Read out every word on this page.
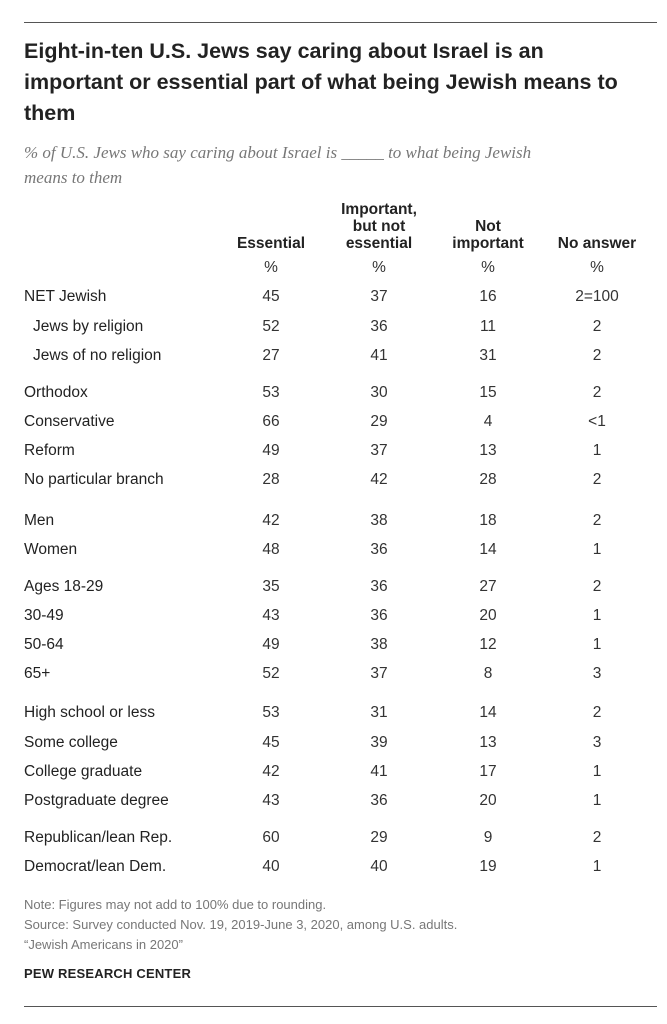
Eight-in-ten U.S. Jews say caring about Israel is an important or essential part of what being Jewish means to them
% of U.S. Jews who say caring about Israel is _____ to what being Jewish
means to them
Essential
%
Important,
but not
essential
%
Not
important
%
No answer
%
NET Jewish	45	37	16	2=100
Jews by religion	52	36	11	2
Jews of no religion	27	41	31	2
Orthodox	53	30	15	2
Conservative	66	29	4	<1
Reform	49	37	13	1
No particular branch	28	42	28	2
Men	42	38	18	2
Women	48	36	14	1
Ages 18-29	35	36	27	2
30-49	43	36	20	1
50-64	49	38	12	1
65+	52	37	8	3
High school or less	53	31	14	2
Some college	45	39	13	3
College graduate	42	41	17	1
Postgraduate degree	43	36	20	1
Republican/lean Rep.	60	29	9	2
Democrat/lean Dem.	40	40	19	1
Note: Figures may not add to 100% due to rounding.
Source: Survey conducted Nov. 19, 2019-June 3, 2020, among U.S. adults.
“Jewish Americans in 2020”
PEW RESEARCH CENTER
